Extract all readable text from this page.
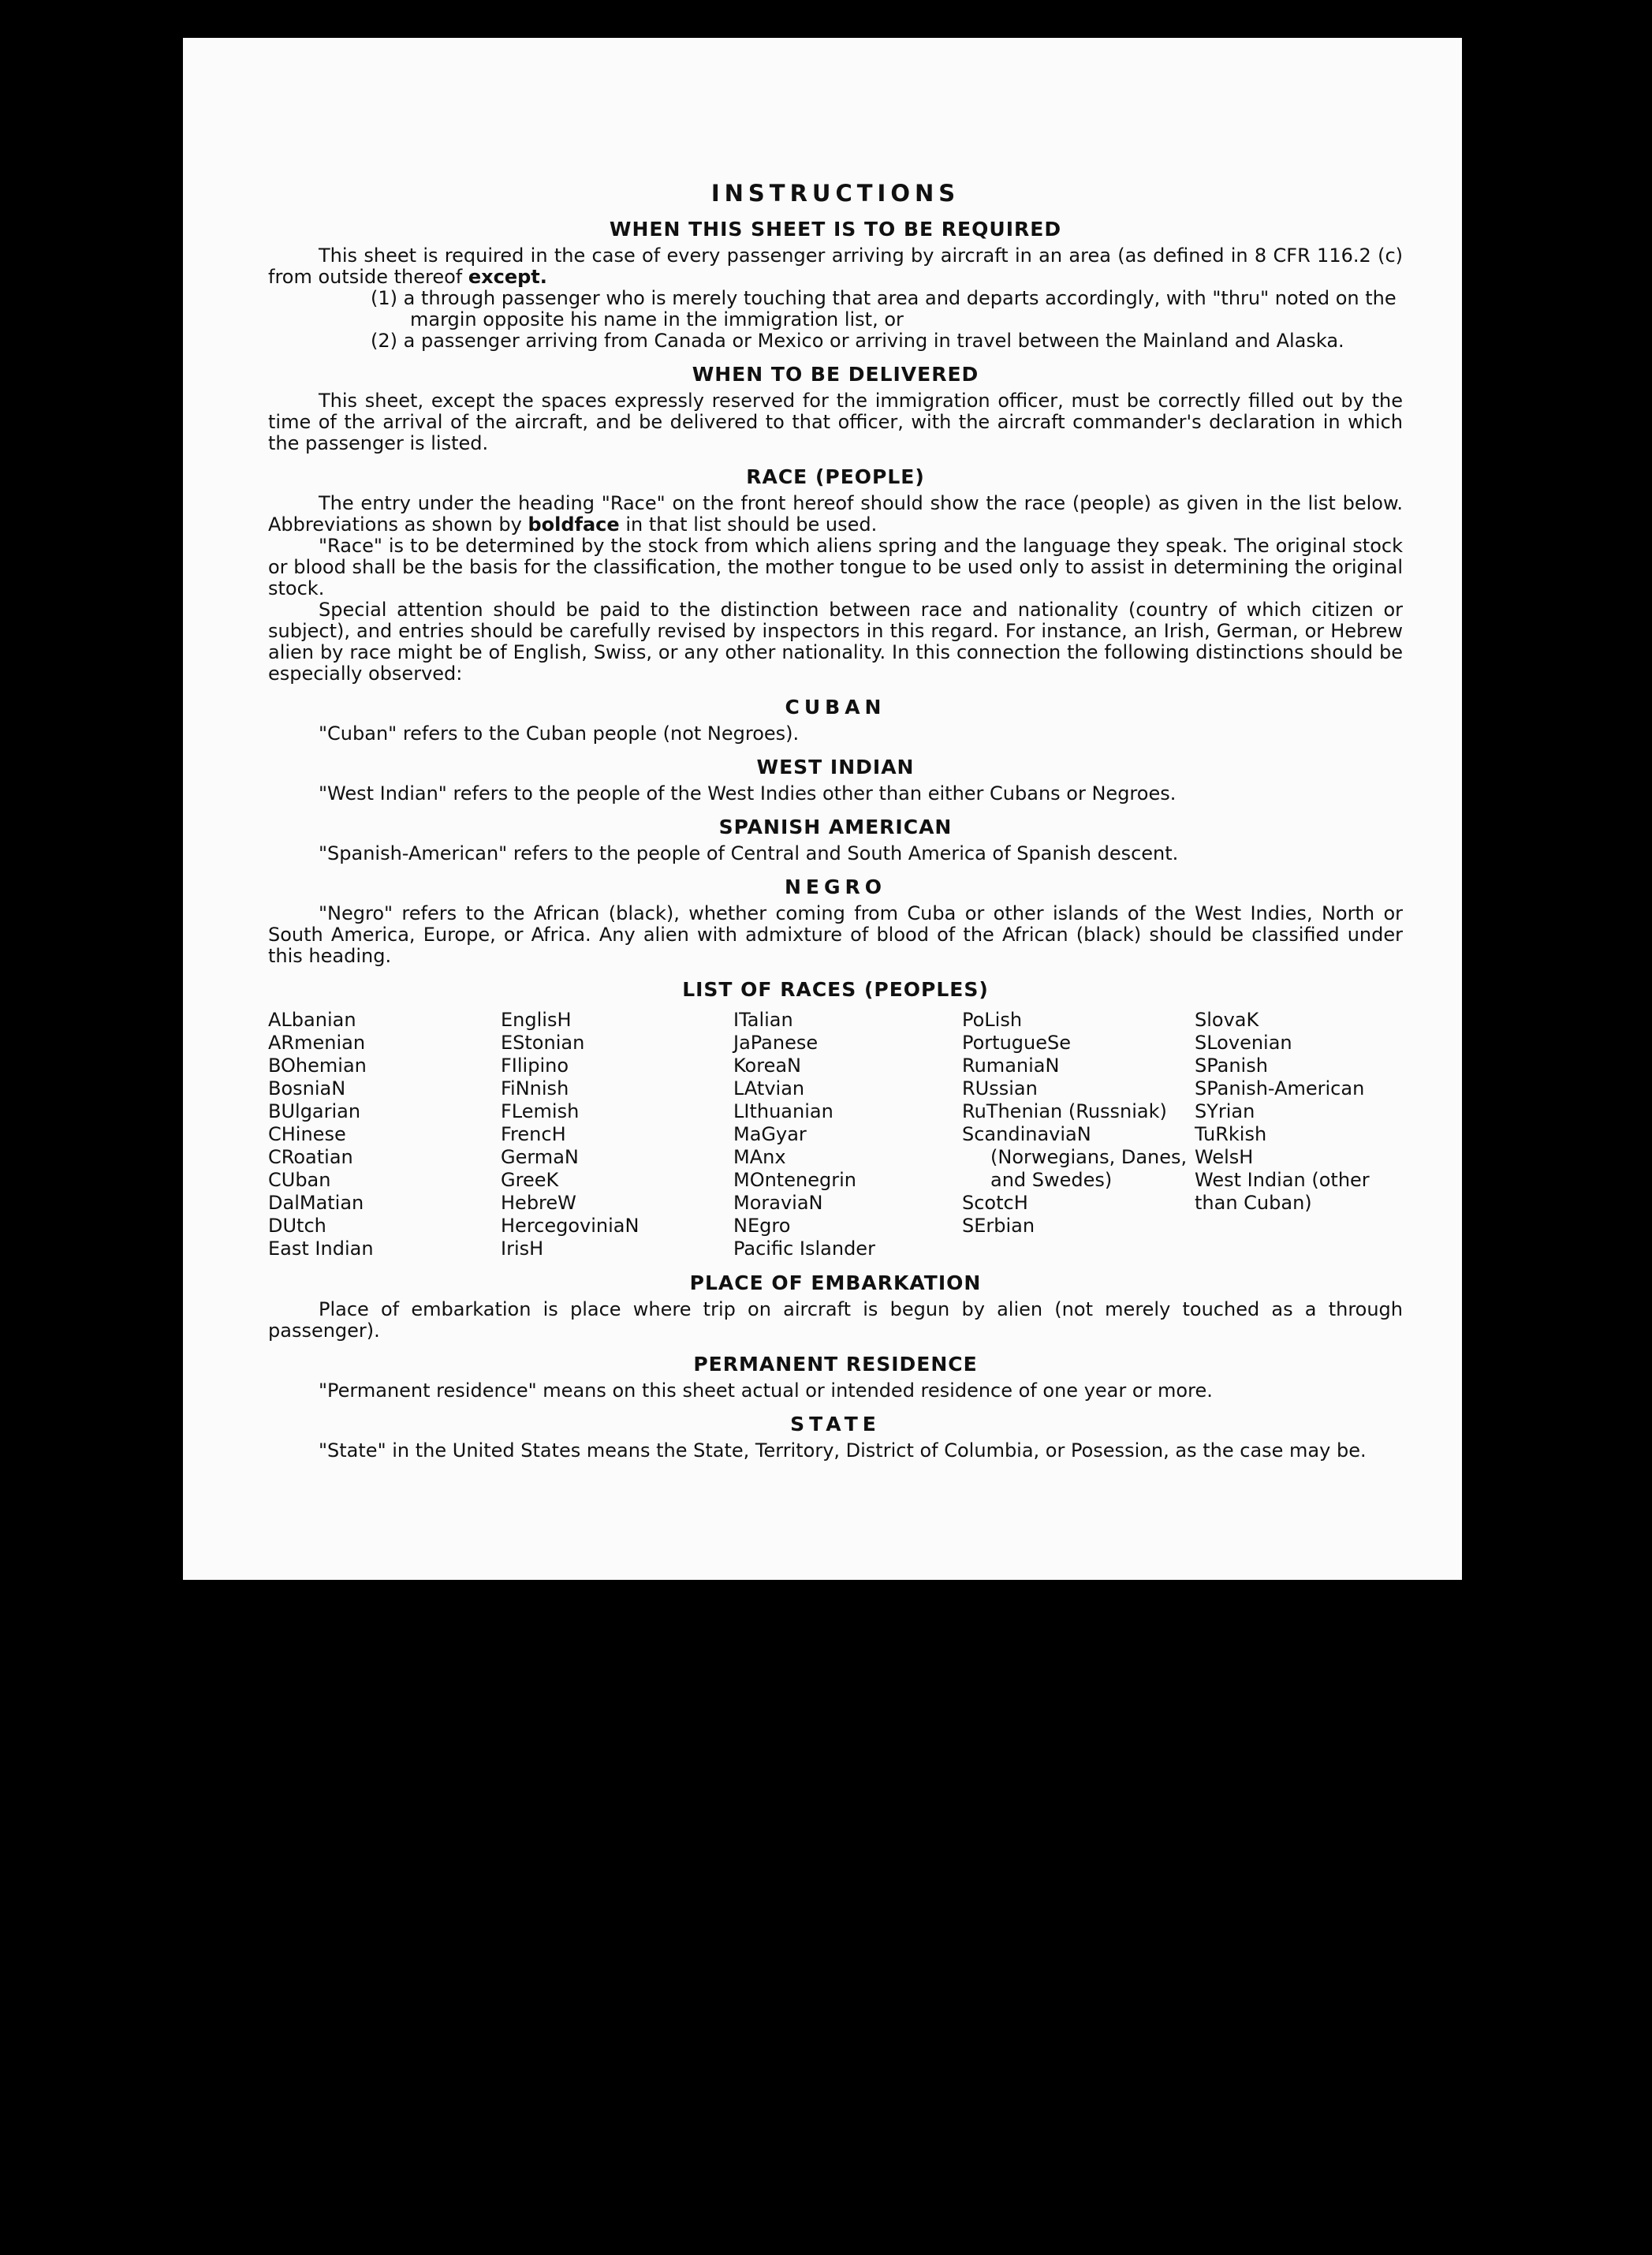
INSTRUCTIONS
WHEN THIS SHEET IS TO BE REQUIRED

This sheet is required in the case of every passenger arriving by aircraft in an area (as defined in 8 CFR 116.2 (c) from outside thereof except.

(1) a through passenger who is merely touching that area and departs accordingly, with "thru" noted on the margin opposite his name in the immigration list, or
(2) a passenger arriving from Canada or Mexico or arriving in travel between the Mainland and Alaska.
WHEN TO BE DELIVERED

This sheet, except the spaces expressly reserved for the immigration officer, must be correctly filled out by the time of the arrival of the aircraft, and be delivered to that officer, with the aircraft commander's declaration in which the passenger is listed.

RACE (PEOPLE)

The entry under the heading "Race" on the front hereof should show the race (people) as given in the list below. Abbreviations as shown by boldface in that list should be used.

"Race" is to be determined by the stock from which aliens spring and the language they speak. The original stock or blood shall be the basis for the classification, the mother tongue to be used only to assist in determining the original stock.

Special attention should be paid to the distinction between race and nationality (country of which citizen or subject), and entries should be carefully revised by inspectors in this regard. For instance, an Irish, German, or Hebrew alien by race might be of English, Swiss, or any other nationality. In this connection the following distinctions should be especially observed:

CUBAN

"Cuban" refers to the Cuban people (not Negroes).

WEST INDIAN

"West Indian" refers to the people of the West Indies other than either Cubans or Negroes.

SPANISH AMERICAN

"Spanish-American" refers to the people of Central and South America of Spanish descent.

NEGRO

"Negro" refers to the African (black), whether coming from Cuba or other islands of the West Indies, North or South America, Europe, or Africa. Any alien with admixture of blood of the African (black) should be classified under this heading.

LIST OF RACES (PEOPLES)
ALbanian
ARmenian
BOhemian
BosniaN
BUlgarian
CHinese
CRoatian
CUban
DalMatian
DUtch
East Indian
EnglisH
EStonian
FIlipino
FiNnish
FLemish
FrencH
GermaN
GreeK
HebreW
HercegoviniaN
IrisH
ITalian
JaPanese
KoreaN
LAtvian
LIthuanian
MaGyar
MAnx
MOntenegrin
MoraviaN
NEgro
Pacific Islander
PoLish
PortugueSe
RumaniaN
RUssian
RuThenian (Russniak)
ScandinaviaN
(Norwegians, Danes, and Swedes)
ScotcH
SErbian
SlovaK
SLovenian
SPanish
SPanish-American
SYrian
TuRkish
WelsH
West Indian (other than Cuban)
PLACE OF EMBARKATION

Place of embarkation is place where trip on aircraft is begun by alien (not merely touched as a through passenger).

PERMANENT RESIDENCE

"Permanent residence" means on this sheet actual or intended residence of one year or more.

STATE

"State" in the United States means the State, Territory, District of Columbia, or Posession, as the case may be.
